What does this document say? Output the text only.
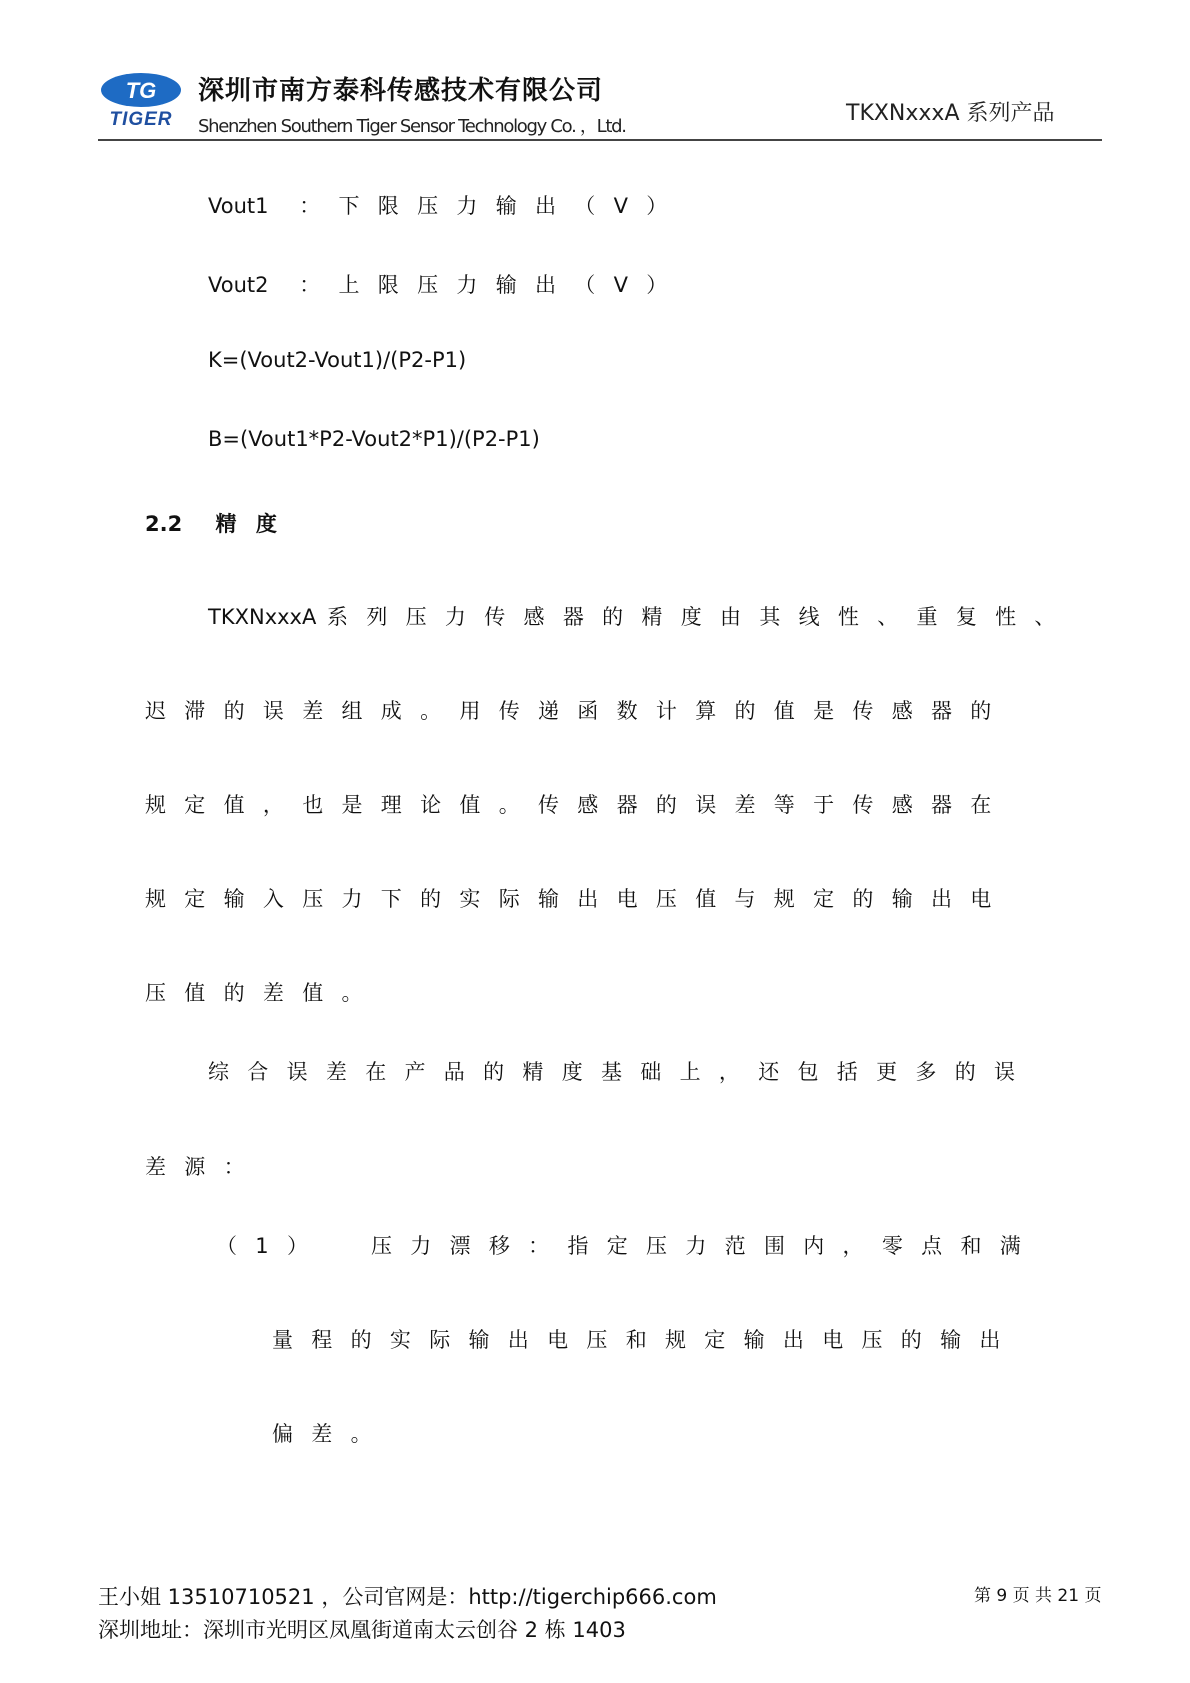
TG
TIGER
深圳市南方泰科传感技术有限公司
Shenzhen Southern Tiger Sensor Technology Co. ，Ltd.
TKXNxxxA 系列产品
Vout1 ：下限压力输出（V）
Vout2 ：上限压力输出（V）
K=(Vout2-Vout1)/(P2-P1)
B=(Vout1*P2-Vout2*P1)/(P2-P1)
2.2 精 度
TKXNxxxA 系列压力传感器的精度由其线性、重复性、
迟滞的误差组成。用传递函数计算的值是传感器的
规定值，也是理论值。传感器的误差等于传感器在
规定输入压力下的实际输出电压值与规定的输出电
压值的差值。
综合误差在产品的精度基础上，还包括更多的误
差源：
（1） 压力漂移：指定压力范围内，零点和满
量程的实际输出电压和规定输出电压的输出
偏差。
王小姐 13510710521 ，公司官网是：http://tigerchip666.com
深圳地址：深圳市光明区凤凰街道南太云创谷 2 栋 1403
第 9 页 共 21 页
